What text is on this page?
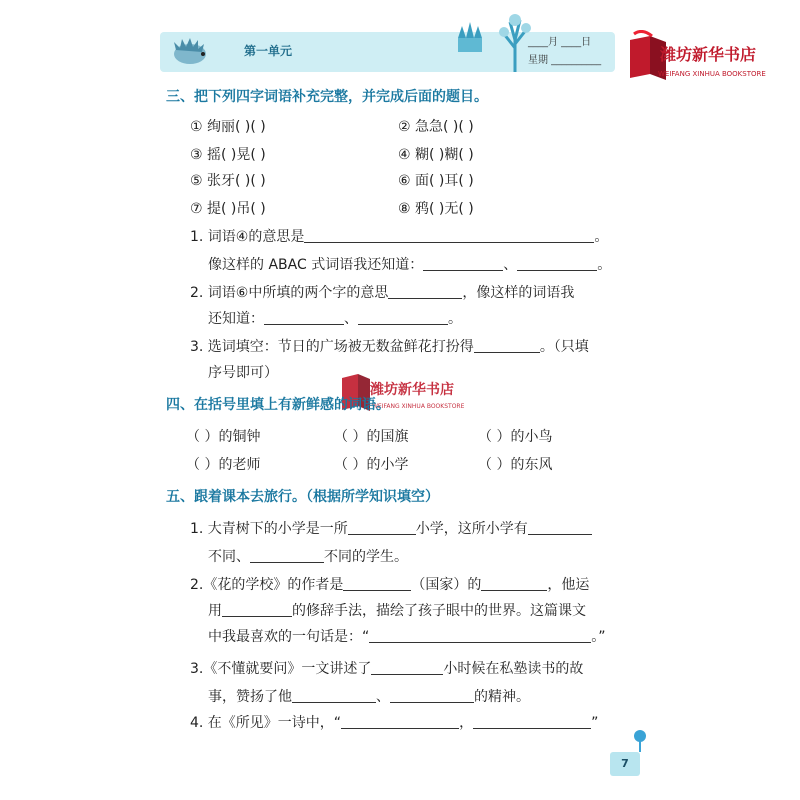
第一单元
____月 ____日
星期 __________	潍坊新华书店
WEIFANG XINHUA BOOKSTORE
三、把下列四字词语补充完整，并完成后面的题目。
① 绚丽( )( )	② 急急( )( )
③ 摇( )晃( )	④ 糊( )糊( )
⑤ 张牙( )( )	⑥ 面( )耳( )
⑦ 提( )吊( )	⑧ 鸦( )无( )
1. 词语④的意思是	。
像这样的 ABAC 式词语我还知道：	、	。
2. 词语⑥中所填的两个字的意思	，像这样的词语我
还知道：	、	。
3. 选词填空：节日的广场被无数盆鲜花打扮得	。（只填
序号即可）
潍坊新华书店
WEIFANG XINHUA BOOKSTORE
四、在括号里填上有新鲜感的词语。
（ ）的铜钟	（ ）的国旗	（ ）的小鸟
（ ）的老师	（ ）的小学	（ ）的东风
五、跟着课本去旅行。（根据所学知识填空）
1. 大青树下的小学是一所	小学，这所小学有
不同、	不同的学生。
2.《花的学校》的作者是	（国家）的	，他运
用	的修辞手法，描绘了孩子眼中的世界。这篇课文
中我最喜欢的一句话是：“	。”
3.《不懂就要问》一文讲述了	小时候在私塾读书的故
事，赞扬了他	、	的精神。
4. 在《所见》一诗中，“	，	”
7
